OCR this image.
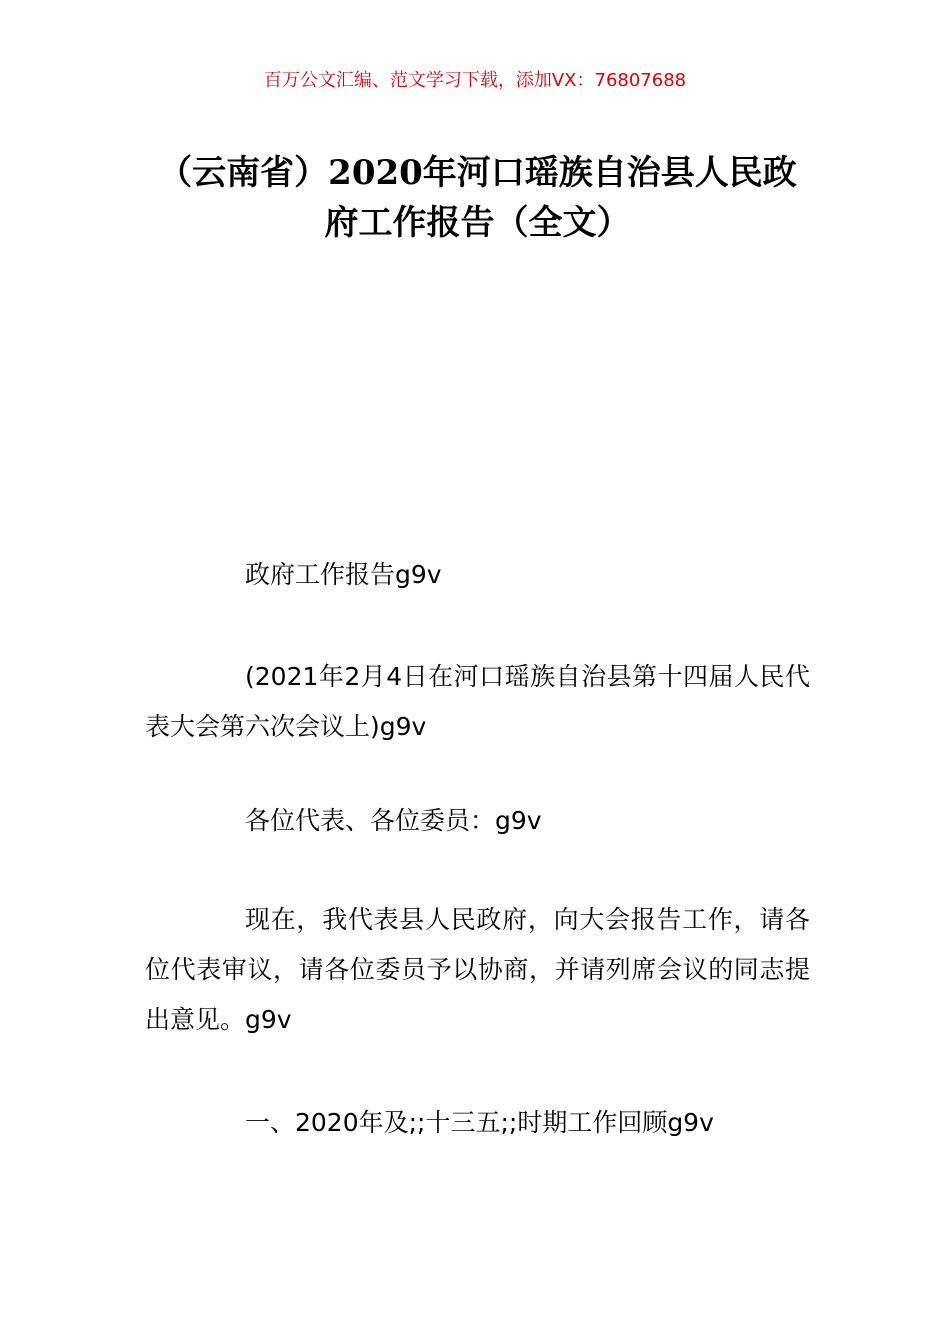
百万公文汇编、范文学习下载，添加VX：76807688
（云南省）2020年河口瑶族自治县人民政府工作报告（全文）

政府工作报告g9v

(2021年2月4日在河口瑶族自治县第十四届人民代表大会第六次会议上)g9v

各位代表、各位委员：g9v

现在，我代表县人民政府，向大会报告工作，请各位代表审议，请各位委员予以协商，并请列席会议的同志提出意见。g9v

一、2020年及;;十三五;;时期工作回顾g9v
